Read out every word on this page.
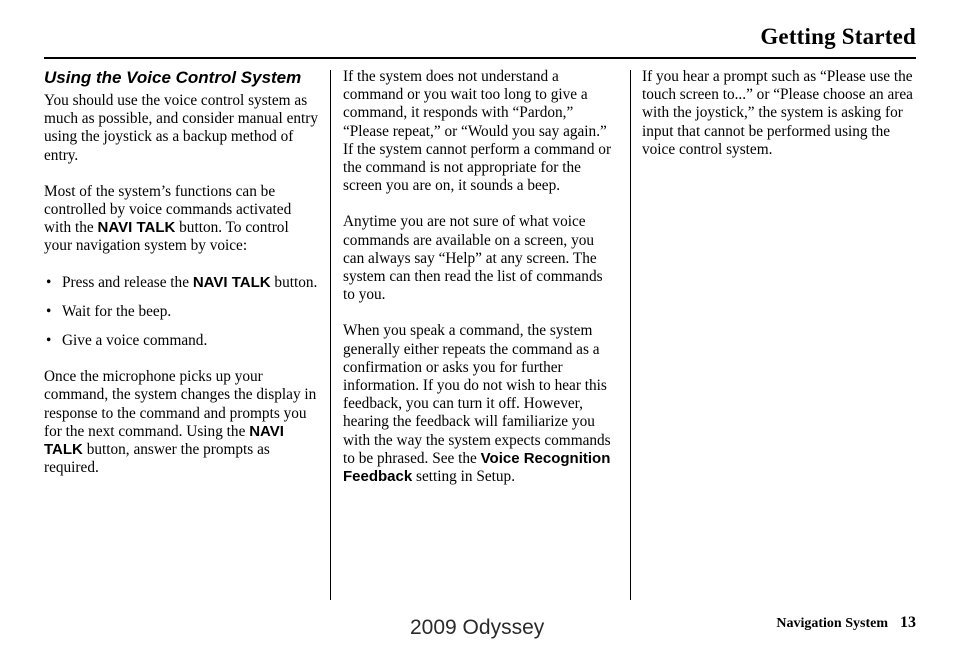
Getting Started
Using the Voice Control System

You should use the voice control system as much as possible, and consider manual entry using the joystick as a backup method of entry.

Most of the system’s functions can be controlled by voice commands activated with the NAVI TALK button. To control your navigation system by voice:

• Press and release the NAVI TALK button.
• Wait for the beep.
• Give a voice command.

Once the microphone picks up your command, the system changes the display in response to the command and prompts you for the next command. Using the NAVI TALK button, answer the prompts as required.

If the system does not understand a command or you wait too long to give a command, it responds with “Pardon,” “Please repeat,” or “Would you say again.” If the system cannot perform a command or the command is not appropriate for the screen you are on, it sounds a beep.

Anytime you are not sure of what voice commands are available on a screen, you can always say “Help” at any screen. The system can then read the list of commands to you.

When you speak a command, the system generally either repeats the command as a confirmation or asks you for further information. If you do not wish to hear this feedback, you can turn it off. However, hearing the feedback will familiarize you with the way the system expects commands to be phrased. See the Voice Recognition Feedback setting in Setup.

If you hear a prompt such as “Please use the touch screen to...” or “Please choose an area with the joystick,” the system is asking for input that cannot be performed using the voice control system.

Navigation System 13
2009 Odyssey
